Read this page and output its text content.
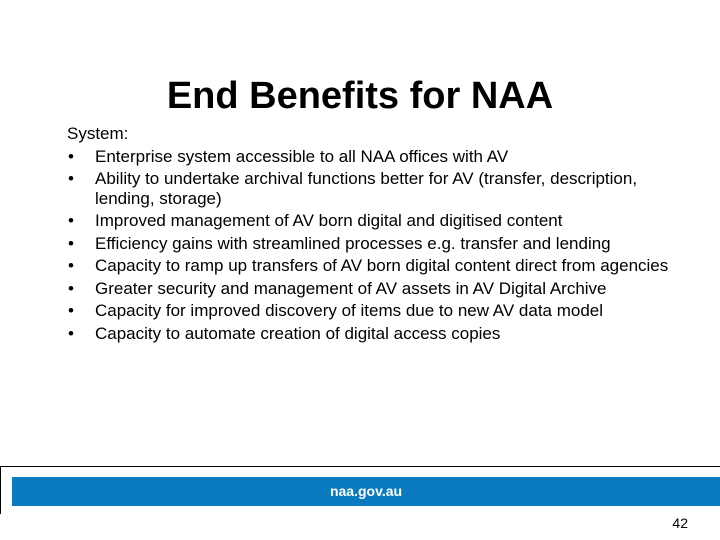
End Benefits for NAA
System:
•	Enterprise system accessible to all NAA offices with AV
•	Ability to undertake archival functions better for AV (transfer, description, lending, storage)
•	Improved management of AV born digital and digitised content
•	Efficiency gains with streamlined processes e.g. transfer and lending
•	Capacity to ramp up transfers of AV born digital content direct from agencies
•	Greater security and management of AV assets in AV Digital Archive
•	Capacity for improved discovery of items due to new AV data model
•	Capacity to automate creation of digital access copies
naa.gov.au
42
